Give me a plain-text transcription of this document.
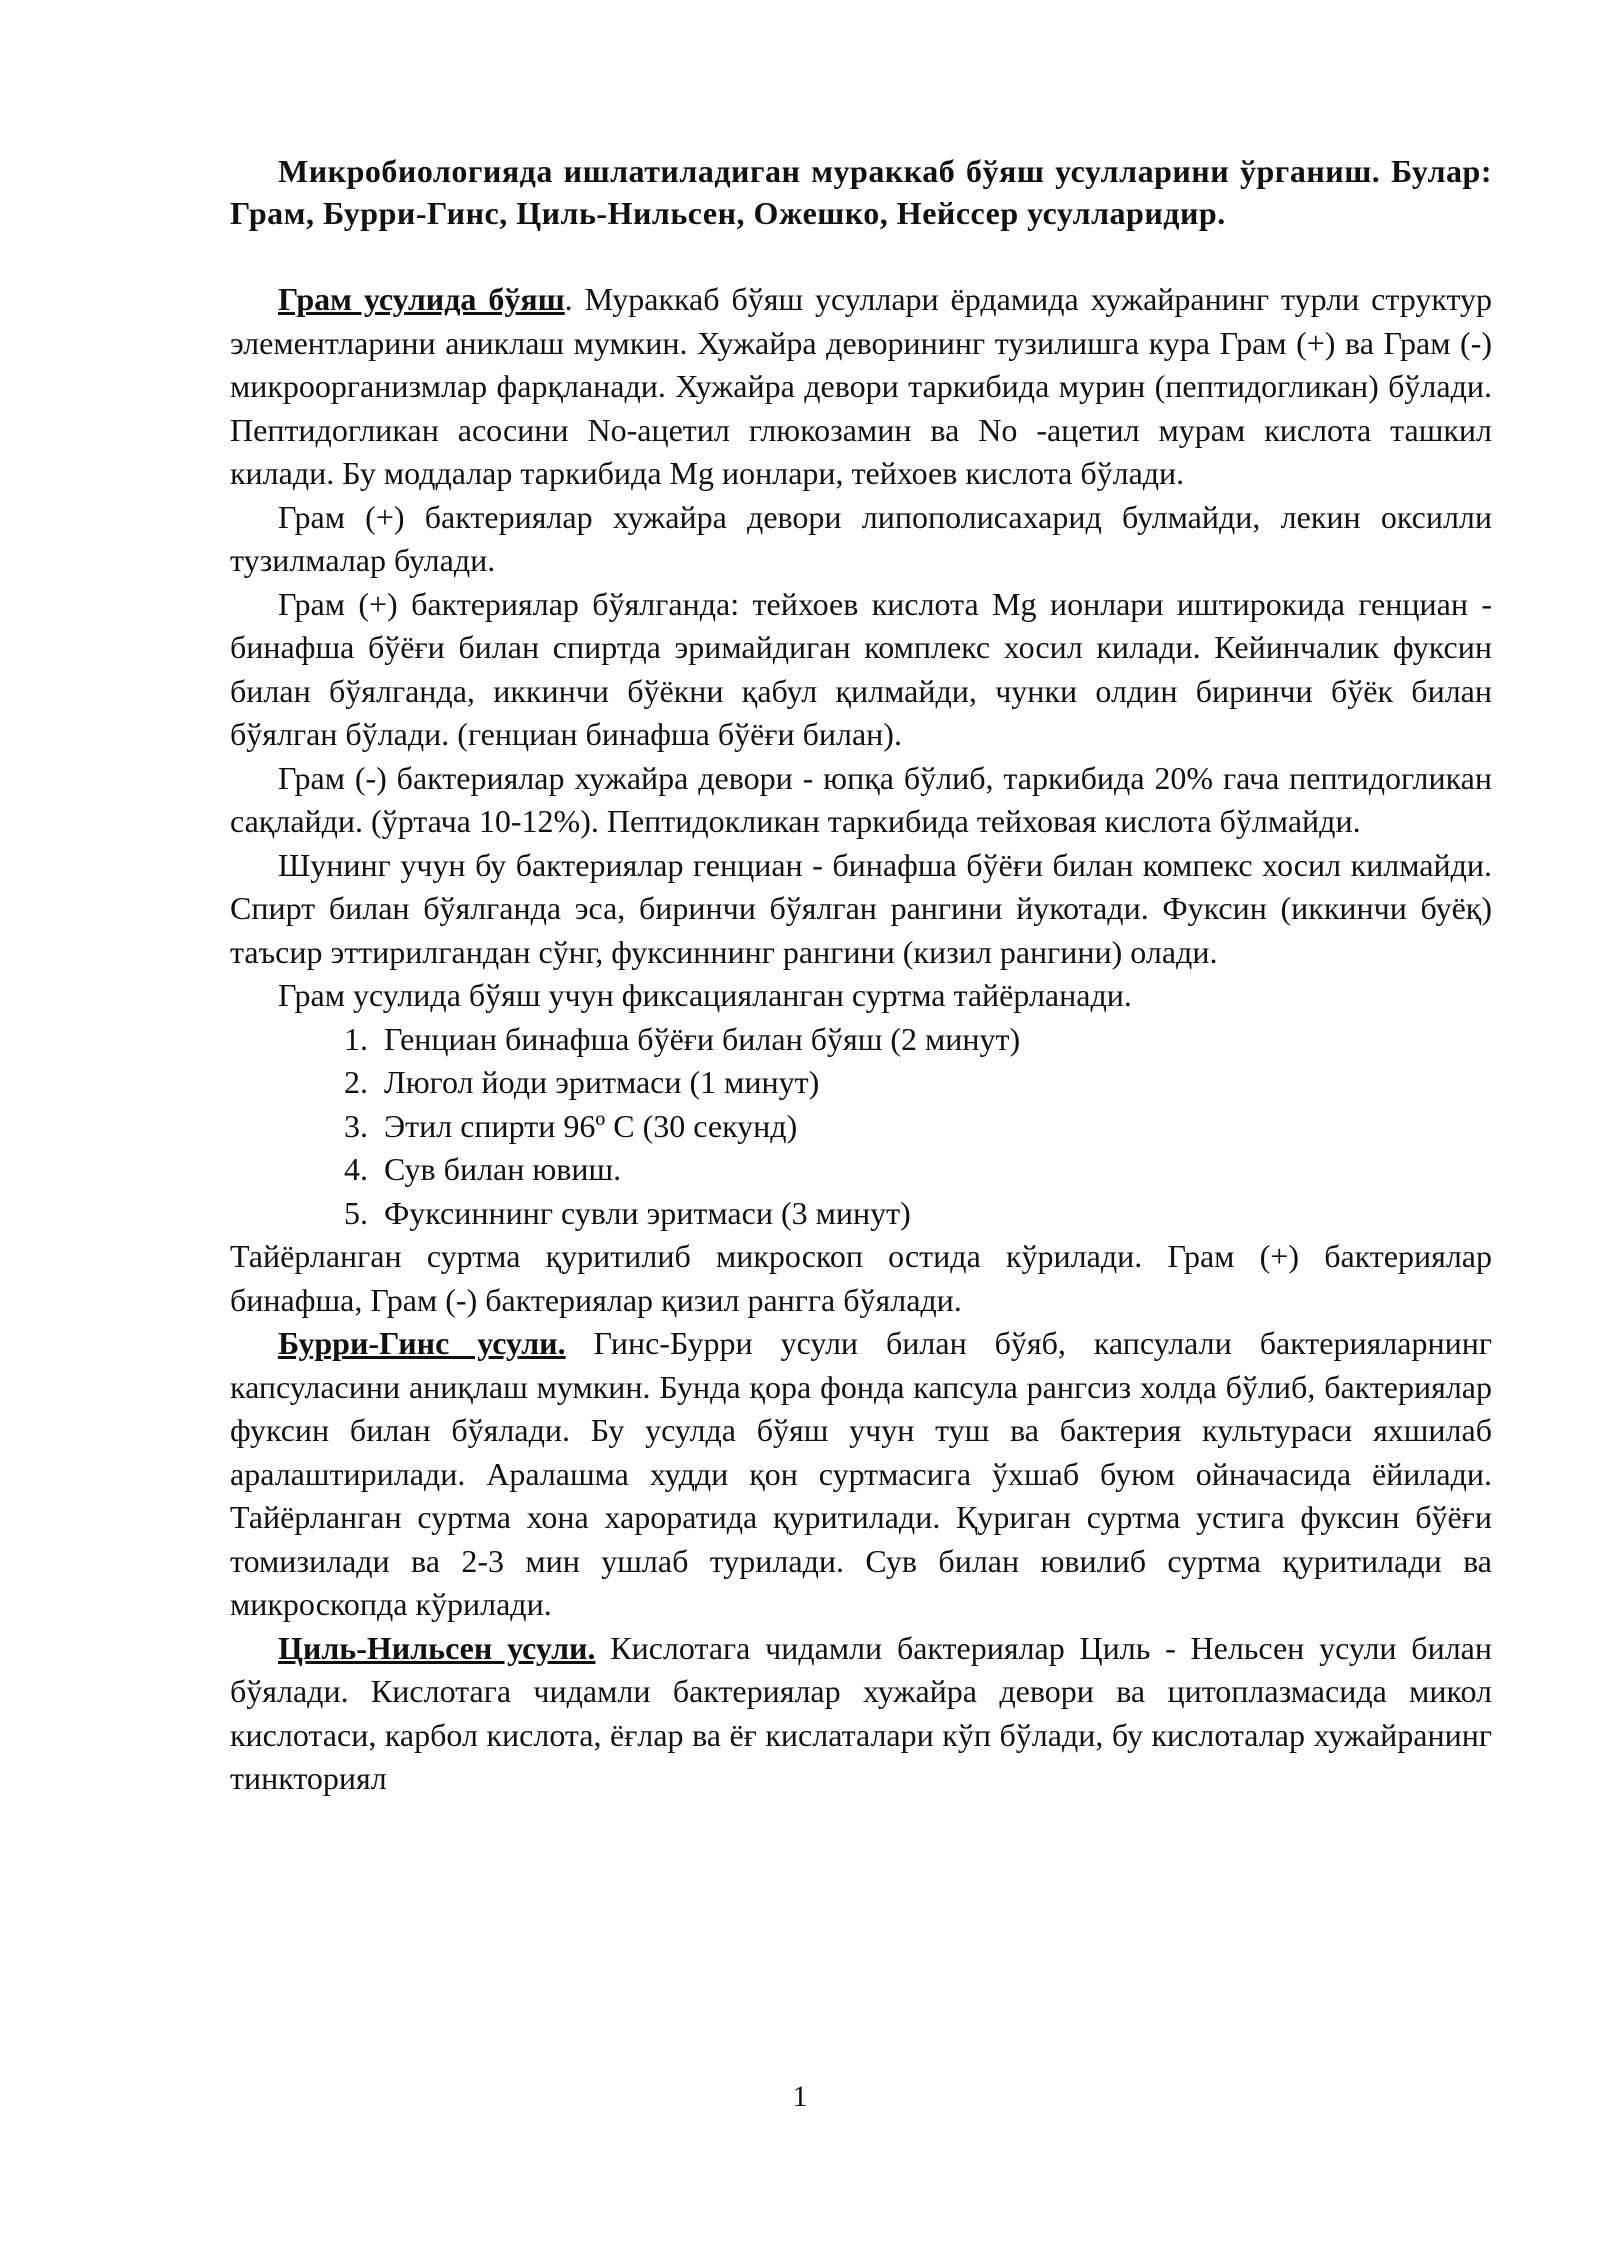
Микробиологияда ишлатиладиган мураккаб бўяш усулларини ўрганиш. Булар: Грам, Бурри-Гинс, Циль-Нильсен, Ожешко, Нейссер усулларидир.

Грам усулида бўяш. Мураккаб бўяш усуллари ёрдамида хужайранинг турли структур элементларини аниклаш мумкин. Хужайра деворининг тузилишга кура Грам (+) ва Грам (-) микроорганизмлар фарқланади. Хужайра девори таркибида мурин (пептидогликан) бўлади. Пептидогликан асосини No-ацетил глюкозамин ва No -ацетил мурам кислота ташкил килади. Бу моддалар таркибида Mg ионлари, тейхоев кислота бўлади.

Грам (+) бактериялар хужайра девори липополисахарид булмайди, лекин оксилли тузилмалар булади.

Грам (+) бактериялар бўялганда: тейхоев кислота Mg ионлари иштирокида генциан - бинафша бўёғи билан спиртда эримайдиган комплекс хосил килади. Кейинчалик фуксин билан бўялганда, иккинчи бўёкни қабул қилмайди, чунки олдин биринчи бўёк билан бўялган бўлади. (генциан бинафша бўёғи билан).

Грам (-) бактериялар хужайра девори - юпқа бўлиб, таркибида 20% гача пептидогликан сақлайди. (ўртача 10-12%). Пептидокликан таркибида тейховая кислота бўлмайди.

Шунинг учун бу бактериялар генциан - бинафша бўёғи билан компекс хосил килмайди. Спирт билан бўялганда эса, биринчи бўялган рангини йукотади. Фуксин (иккинчи буёқ) таъсир эттирилгандан сўнг, фуксиннинг рангини (кизил рангини) олади.

Грам усулида бўяш учун фиксацияланган суртма тайёрланади.

1. Генциан бинафша бўёғи билан бўяш (2 минут)
2. Люгол йоди эритмаси (1 минут)
3. Этил спирти 96º С (30 секунд)
4. Сув билан ювиш.
5. Фуксиннинг сувли эритмаси (3 минут)

Тайёрланган суртма қуритилиб микроскоп остида кўрилади. Грам (+) бактериялар бинафша, Грам (-) бактериялар қизил рангга бўялади.

Бурри-Гинс усули. Гинс-Бурри усули билан бўяб, капсулали бактерияларнинг капсуласини аниқлаш мумкин. Бунда қора фонда капсула рангсиз холда бўлиб, бактериялар фуксин билан бўялади. Бу усулда бўяш учун туш ва бактерия культураси яхшилаб аралаштирилади. Аралашма худди қон суртмасига ўхшаб буюм ойначасида ёйилади. Тайёрланган суртма хона хароратида қуритилади. Қуриган суртма устига фуксин бўёғи томизилади ва 2-3 мин ушлаб турилади. Сув билан ювилиб суртма қуритилади ва микроскопда кўрилади.

Циль-Нильсен усули. Кислотага чидамли бактериялар Циль - Нельсен усули билан бўялади. Кислотага чидамли бактериялар хужайра девори ва цитоплазмасида микол кислотаси, карбол кислота, ёғлар ва ёғ кислаталари кўп бўлади, бу кислоталар хужайранинг тинкториял

1
